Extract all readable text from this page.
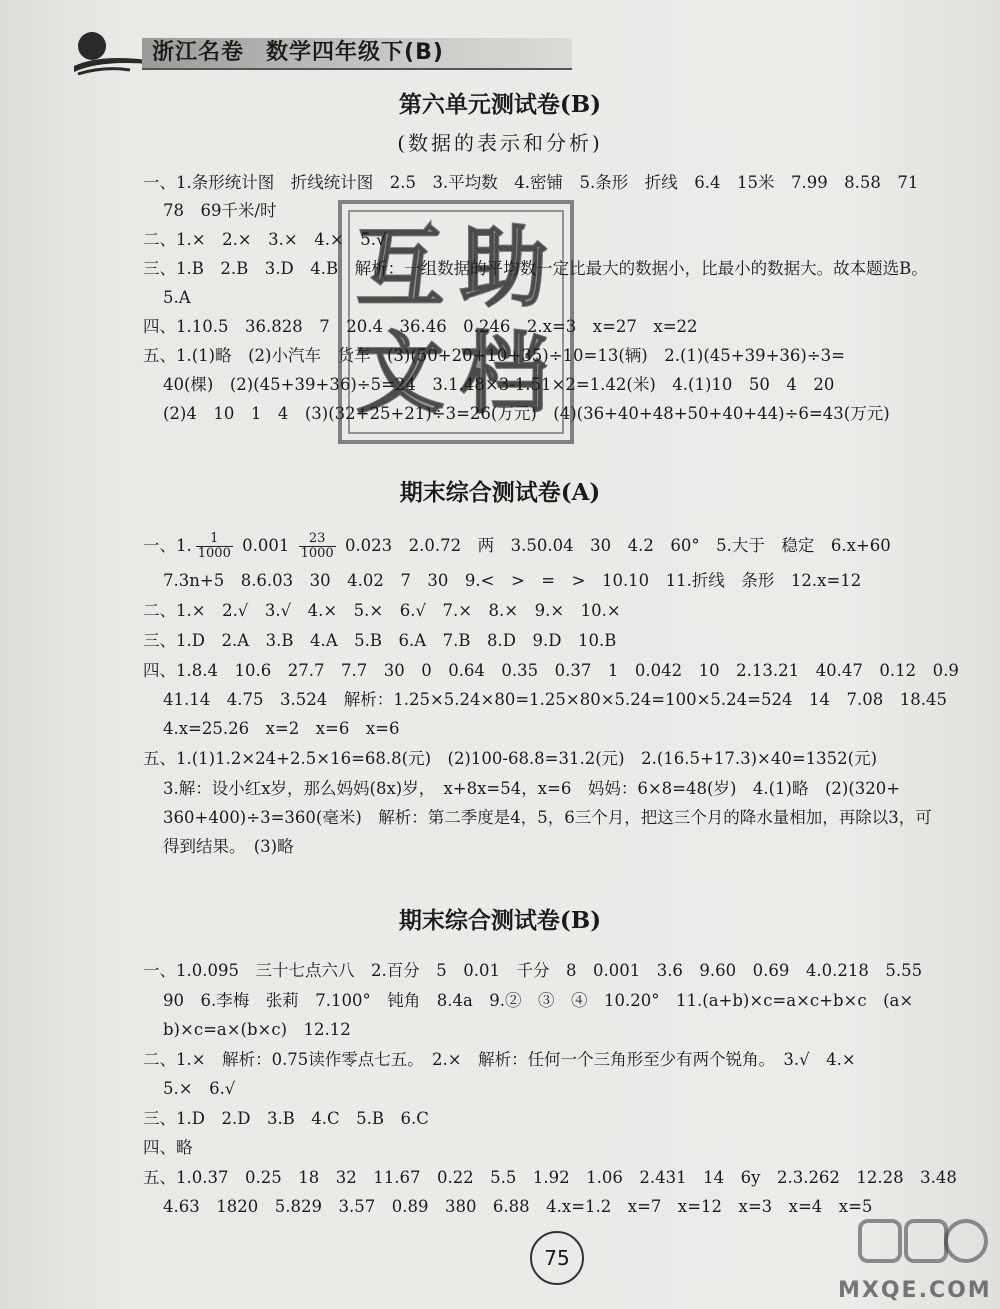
浙江名卷 数学四年级下(B)
第六单元测试卷(B)
(数据的表示和分析)
一、1.条形统计图　折线统计图　2.5　3.平均数　4.密铺　5.条形　折线　6.4　15米　7.99　8.58　71
78　69千米/时
二、1.×　2.×　3.×　4.×　5.√
三、1.B　2.B　3.D　4.B　解析：一组数据的平均数一定比最大的数据小，比最小的数据大。故本题选B。
5.A
四、1.10.5　36.828　7　20.4　36.46　0.246　2.x=3　x=27　x=22
五、1.(1)略　(2)小汽车　货车　(3)(50+20+10+35)÷10=13(辆)　2.(1)(45+39+36)÷3=
40(棵)　(2)(45+39+36)÷5=24　3.1.48×3-1.51×2=1.42(米)　4.(1)10　50　4　20
(2)4　10　1　4　(3)(32+25+21)÷3=26(万元)　(4)(36+40+48+50+40+44)÷6=43(万元)
互 助
文 档
期末综合测试卷(A)
一、1. $\frac{1}{1000} 0.001 \frac{23}{1000} 0.023$　2.0.72　两　3.50.04　30　4.2　60°　5.大于　稳定　6.x+60
7.3n+5　8.6.03　30　4.02　7　30　9.<　>　=　>　10.10　11.折线　条形　12.x=12
二、1.×　2.√　3.√　4.×　5.×　6.√　7.×　8.×　9.×　10.×
三、1.D　2.A　3.B　4.A　5.B　6.A　7.B　8.D　9.D　10.B
四、1.8.4　10.6　27.7　7.7　30　0　0.64　0.35　0.37　1　0.042　10　2.13.21　40.47　0.12　0.9
41.14　4.75　3.524　解析：1.25×5.24×80=1.25×80×5.24=100×5.24=524　14　7.08　18.45
4.x=25.26　x=2　x=6　x=6
五、1.(1)1.2×24+2.5×16=68.8(元)　(2)100-68.8=31.2(元)　2.(16.5+17.3)×40=1352(元)
3.解：设小红x岁，那么妈妈(8x)岁，　x+8x=54，x=6　妈妈：6×8=48(岁)　4.(1)略　(2)(320+
360+400)÷3=360(毫米)　解析：第二季度是4，5，6三个月，把这三个月的降水量相加，再除以3，可
得到结果。　(3)略
期末综合测试卷(B)
一、1.0.095　三十七点六八　2.百分　5　0.01　千分　8　0.001　3.6　9.60　0.69　4.0.218　5.55
90　6.李梅　张莉　7.100°　钝角　8.4a　9.②　③　④　10.20°　11.(a+b)×c=a×c+b×c　(a×
b)×c=a×(b×c)　12.12
二、1.×　解析：0.75读作零点七五。　2.×　解析：任何一个三角形至少有两个锐角。　3.√　4.×
5.×　6.√
三、1.D　2.D　3.B　4.C　5.B　6.C
四、略
五、1.0.37　0.25　18　32　11.67　0.22　5.5　1.92　1.06　2.431　14　6y　2.3.262　12.28　3.48
4.63　1820　5.829　3.57　0.89　380　6.88　4.x=1.2　x=7　x=12　x=3　x=4　x=5
75
MXQE.COM
